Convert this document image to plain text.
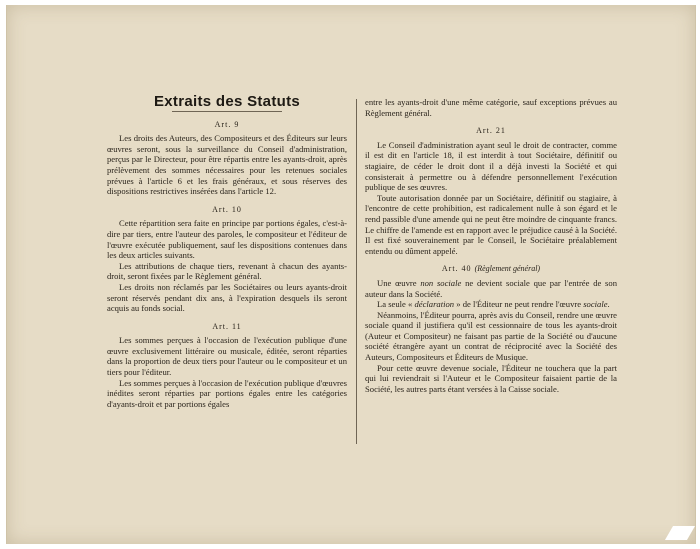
Extraits des Statuts
Art. 9

Les droits des Auteurs, des Compositeurs et des Éditeurs sur leurs œuvres seront, sous la surveillance du Conseil d'administration, perçus par le Directeur, pour être répartis entre les ayants-droit, après prélèvement des sommes nécessaires pour les retenues sociales prévues à l'article 6 et les frais généraux, et sous réserves des dispositions restrictives insérées dans l'article 12.

Art. 10

Cette répartition sera faite en principe par portions égales, c'est-à-dire par tiers, entre l'auteur des paroles, le compositeur et l'éditeur de l'œuvre exécutée publiquement, sauf les dispositions contenues dans les deux articles suivants.

Les attributions de chaque tiers, revenant à chacun des ayants-droit, seront fixées par le Règlement général.

Les droits non réclamés par les Sociétaires ou leurs ayants-droit seront réservés pendant dix ans, à l'expiration desquels ils seront acquis au fonds social.

Art. 11

Les sommes perçues à l'occasion de l'exécution publique d'une œuvre exclusivement littéraire ou musicale, éditée, seront réparties dans la proportion de deux tiers pour l'auteur ou le compositeur et un tiers pour l'éditeur.

Les sommes perçues à l'occasion de l'exécution publique d'œuvres inédites seront réparties par portions égales entre les catégories d'ayants-droit et par portions égales

entre les ayants-droit d'une même catégorie, sauf exceptions prévues au Règlement général.

Art. 21

Le Conseil d'administration ayant seul le droit de contracter, comme il est dit en l'article 18, il est interdit à tout Sociétaire, définitif ou stagiaire, de céder le droit dont il a déjà investi la Société et qui consisterait à permettre ou à défendre personnellement l'exécution publique de ses œuvres.

Toute autorisation donnée par un Sociétaire, définitif ou stagiaire, à l'encontre de cette prohibition, est radicalement nulle à son égard et le rend passible d'une amende qui ne peut être moindre de cinquante francs. Le chiffre de l'amende est en rapport avec le préjudice causé à la Société. Il est fixé souverainement par le Conseil, le Sociétaire préalablement entendu ou dûment appelé.

Art. 40 (Règlement général)

Une œuvre non sociale ne devient sociale que par l'entrée de son auteur dans la Société.

La seule « déclaration » de l'Éditeur ne peut rendre l'œuvre sociale.

Néanmoins, l'Éditeur pourra, après avis du Conseil, rendre une œuvre sociale quand il justifiera qu'il est cessionnaire de tous les ayants-droit (Auteur et Compositeur) ne faisant pas partie de la Société ou d'aucune société étrangère ayant un contrat de réciprocité avec la Société des Auteurs, Compositeurs et Éditeurs de Musique.

Pour cette œuvre devenue sociale, l'Éditeur ne touchera que la part qui lui reviendrait si l'Auteur et le Compositeur faisaient partie de la Société, les autres parts étant versées à la Caisse sociale.
